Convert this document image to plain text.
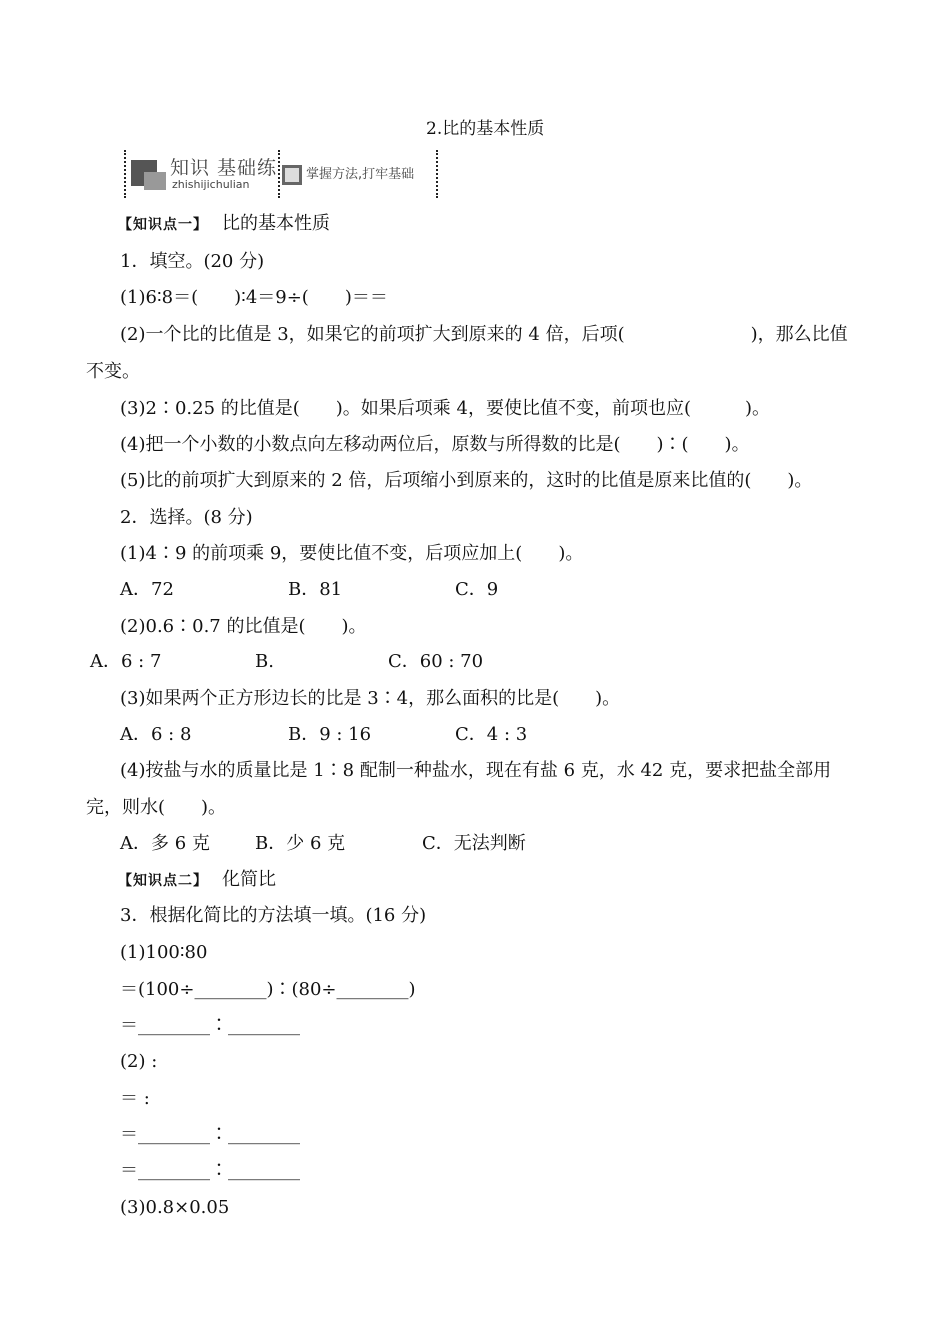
2.比的基本性质
知识 基础练
zhishijichulian
掌握方法,打牢基础
【知识点一】 比的基本性质
1．填空。(20 分)
(1)6∶8＝(　　)∶4＝9÷(　　)＝＝
(2)一个比的比值是 3，如果它的前项扩大到原来的 4 倍，后项(　　　　　　　)，那么比值
不变。
(3)2∶0.25 的比值是(　　)。如果后项乘 4，要使比值不变，前项也应(　　　)。
(4)把一个小数的小数点向左移动两位后，原数与所得数的比是(　　)∶(　　)。
(5)比的前项扩大到原来的 2 倍，后项缩小到原来的，这时的比值是原来比值的(　　)。
2．选择。(8 分)
(1)4∶9 的前项乘 9，要使比值不变，后项应加上(　　)。
A．72	B．81	C．9
(2)0.6∶0.7 的比值是(　　)。
A．6 : 7	B.	C．60 : 70
(3)如果两个正方形边长的比是 3∶4，那么面积的比是(　　)。
A．6 : 8	B．9 : 16	C．4 : 3
(4)按盐与水的质量比是 1∶8 配制一种盐水，现在有盐 6 克，水 42 克，要求把盐全部用
完，则水(　　)。
A．多 6 克	B．少 6 克	C．无法判断
【知识点二】 化简比
3．根据化简比的方法填一填。(16 分)
(1)100∶80
＝(100÷________)∶(80÷________)
＝________∶________
(2) :
＝ :
＝________∶________
＝________∶________
(3)0.8×0.05
